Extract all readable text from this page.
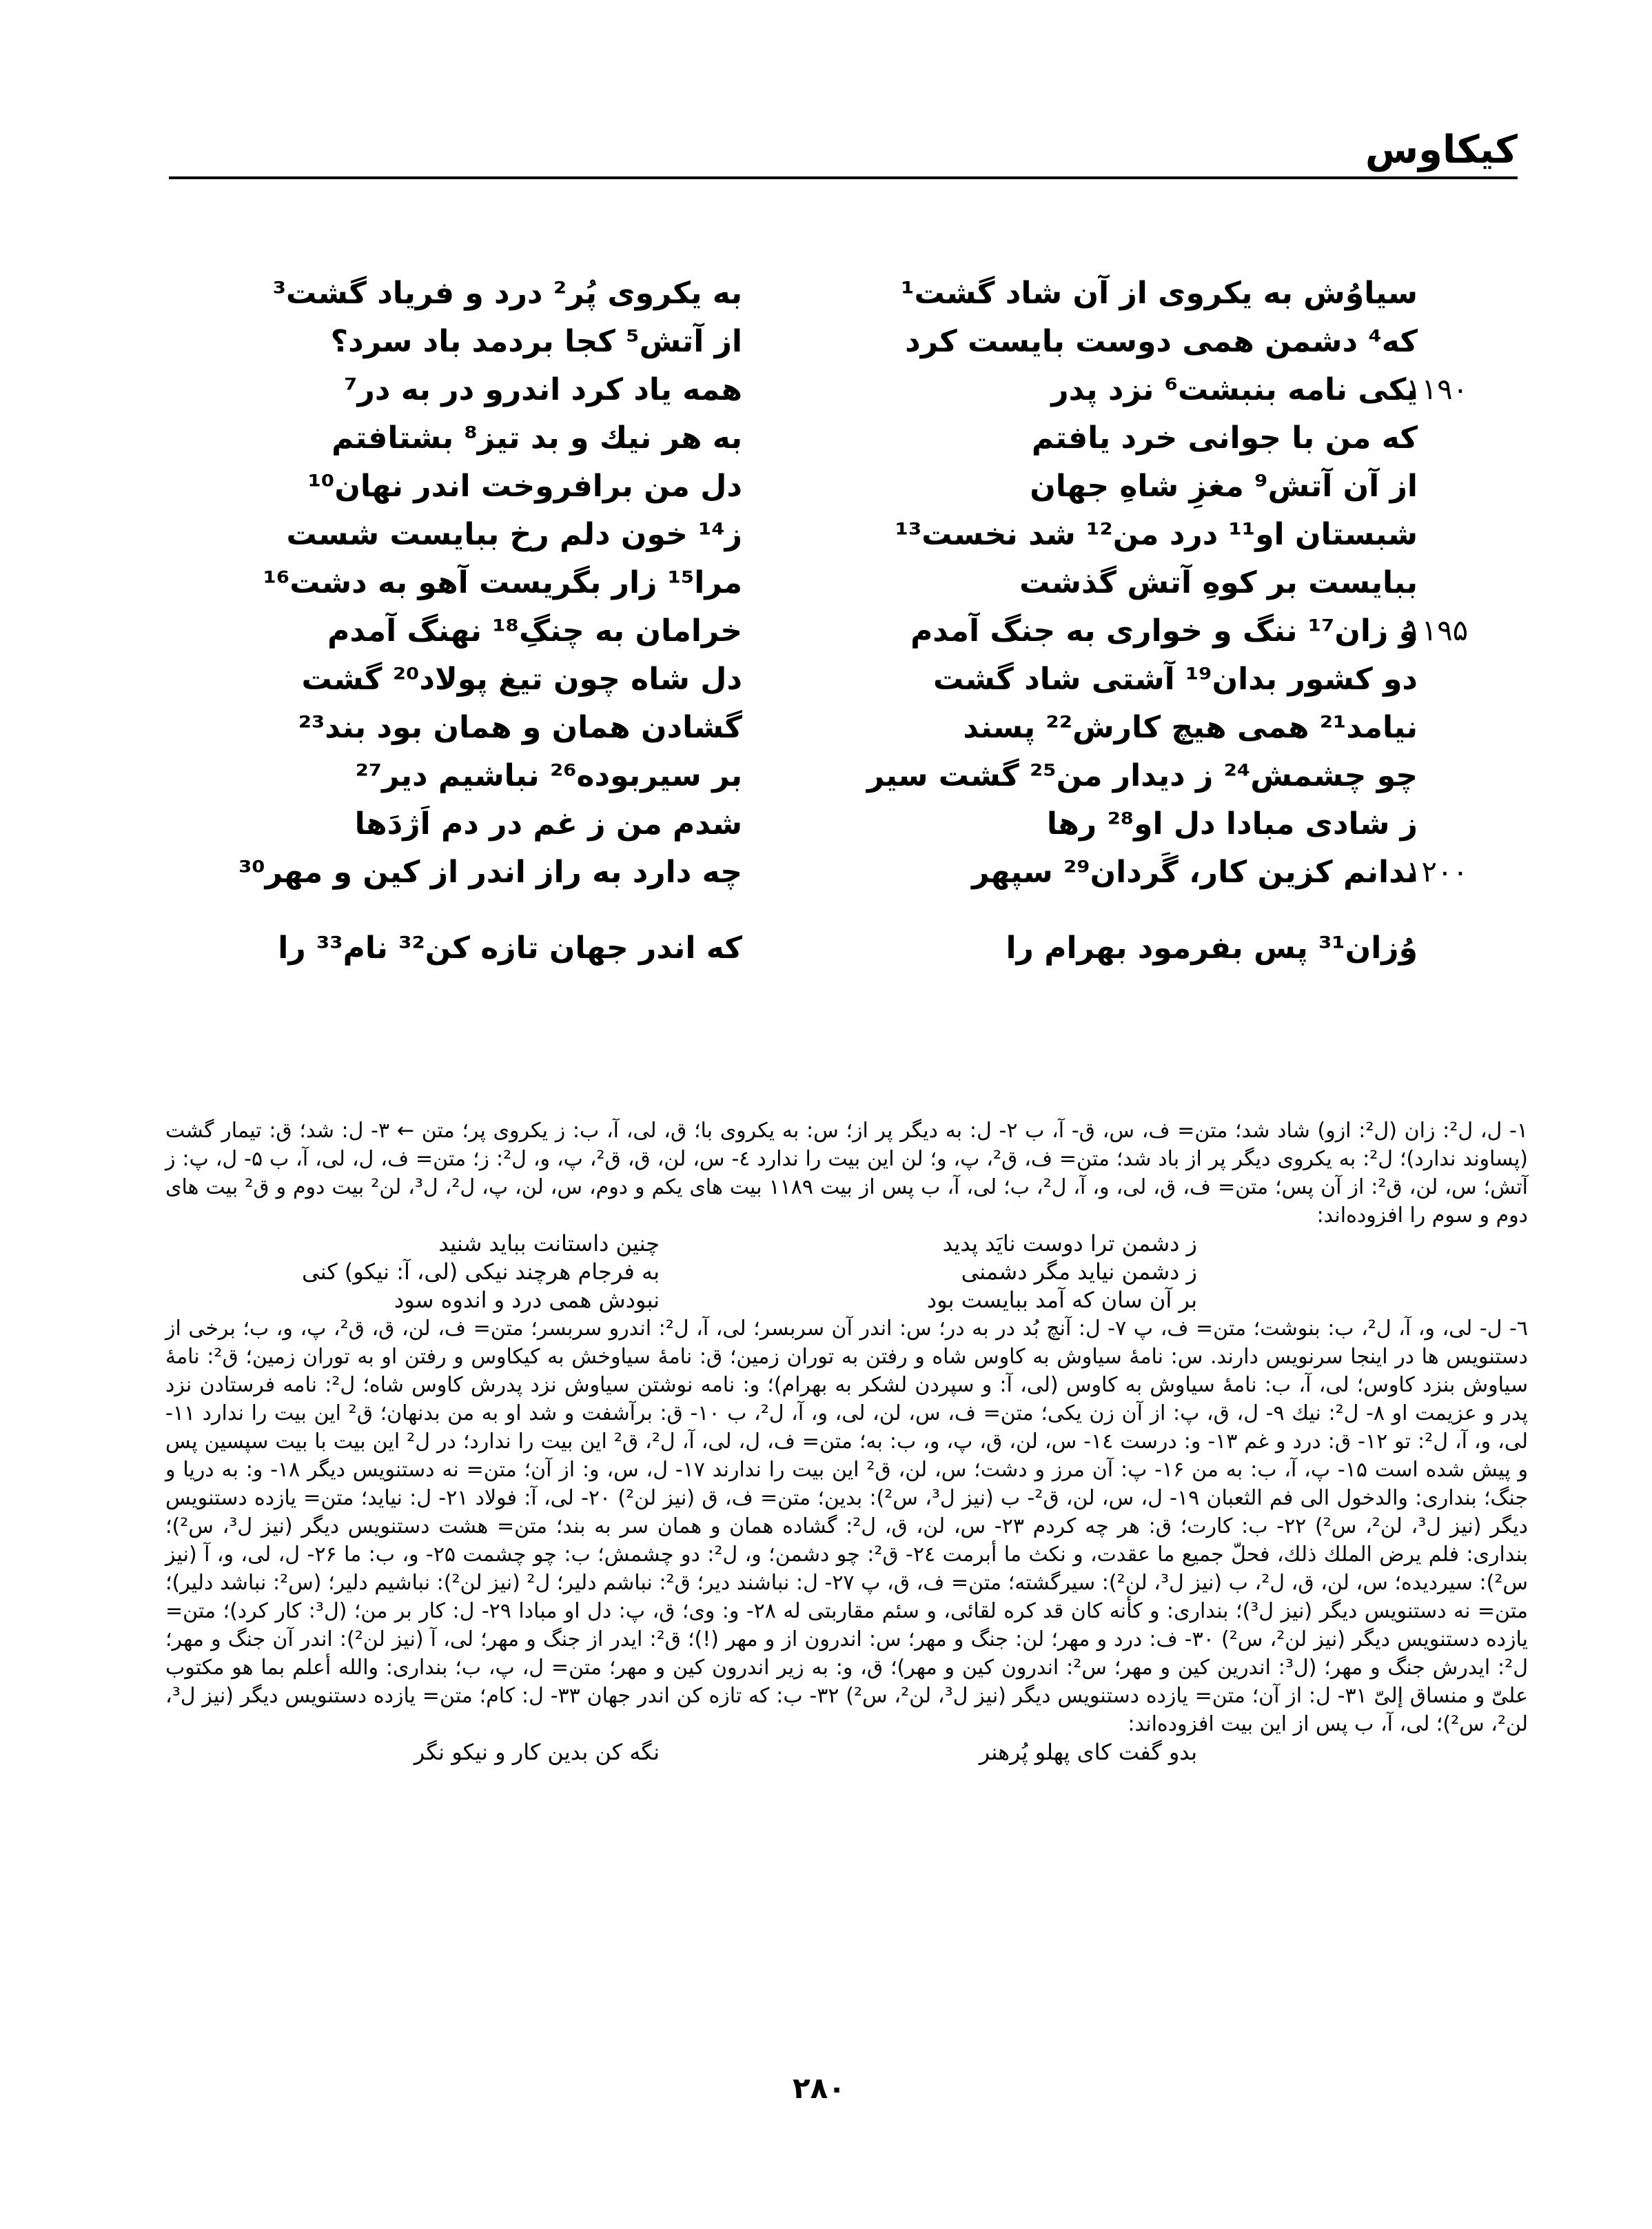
کیکاوس
سیاوُش به یکروی از آن شاد گشت¹
به یکروی پُر² درد و فریاد گشت³
که⁴ دشمن همی دوست بایست کرد
از آتش⁵ کجا بردمد باد سرد؟
۱۱۹۰
یکی نامه بنبشت⁶ نزد پدر
همه یاد کرد اندرو در به در⁷
که من با جوانی خرد یافتم
به هر نیك و بد تیز⁸ بشتافتم
از آن آتش⁹ مغزِ شاهِ جهان
دل من برافروخت اندر نهان¹⁰
شبستان او¹¹ درد من¹² شد نخست¹³
ز¹⁴ خون دلم رخ ببایست شست
ببایست بر کوهِ آتش گذشت
مرا¹⁵ زار بگریست آهو به دشت¹⁶
۱۱۹۵
وُ زان¹⁷ ننگ و خواری به جنگ آمدم
خرامان به چنگِ¹⁸ نهنگ آمدم
دو کشور بدان¹⁹ آشتی شاد گشت
دل شاه چون تیغ پولاد²⁰ گشت
نیامد²¹ همی هیچ کارش²² پسند
گشادن همان و همان بود بند²³
چو چشمش²⁴ ز دیدار من²⁵ گشت سیر
بر سیربوده²⁶ نباشیم دیر²⁷
ز شادی مبادا دل او²⁸ رها
شدم من ز غم در دم اَژدَها
۱۲۰۰
ندانم کزین کار، گَردان²⁹ سپهر
چه دارد به راز اندر از کین و مهر³⁰
وُزان³¹ پس بفرمود بهرام را
که اندر جهان تازه کن³² نام³³ را

۱- ل، ل²: زان (ل²: ازو) شاد شد؛ متن= ف، س، ق- آ، ب ۲- ل: به دیگر پر از؛ س: به یکروی با؛ ق، لی، آ، ب: ز یکروی پر؛ متن ← ۳- ل: شد؛ ق: تیمار گشت (پساوند ندارد)؛ ل²: به یکروی دیگر پر از باد شد؛ متن= ف، ق²، پ، و؛ لن این بیت را ندارد ٤- س، لن، ق، ق²، پ، و، ل²: ز؛ متن= ف، ل، لی، آ، ب ۵- ل، پ: ز آتش؛ س، لن، ق²: از آن پس؛ متن= ف، ق، لی، و، آ، ل²، ب؛ لی، آ، ب پس از بیت ۱۱۸۹ بیت های یکم و دوم، س، لن، پ، ل²، ل³، لن² بیت دوم و ق² بیت های دوم و سوم را افزوده‌اند:

ز دشمن ترا دوست نایَد پدید
چنین داستانت بباید شنید
ز دشمن نیاید مگر دشمنی
به فرجام هرچند نیکی (لی، آ: نیکو) کنی
بر آن سان که آمد ببایست بود
نبودش همی درد و اندوه سود

٦- ل- لی، و، آ، ل²، ب: بنوشت؛ متن= ف، پ ۷- ل: آنچ بُد در به در؛ س: اندر آن سربسر؛ لی، آ، ل²: اندرو سربسر؛ متن= ف، لن، ق، ق²، پ، و، ب؛ برخی از دستنویس ها در اینجا سرنویس دارند. س: نامهٔ سیاوش به کاوس شاه و رفتن به توران زمین؛ ق: نامهٔ سیاوخش به کیکاوس و رفتن او به توران زمین؛ ق²: نامهٔ سیاوش بنزد کاوس؛ لی، آ، ب: نامهٔ سیاوش به کاوس (لی، آ: و سپردن لشکر به بهرام)؛ و: نامه نوشتن سیاوش نزد پدرش کاوس شاه؛ ل²: نامه فرستادن نزد پدر و عزیمت او ۸- ل²: نیك ۹- ل، ق، پ: از آن زن یکی؛ متن= ف، س، لن، لی، و، آ، ل²، ب ۱۰- ق: برآشفت و شد او به من بدنهان؛ ق² این بیت را ندارد ۱۱- لی، و، آ، ل²: تو ۱۲- ق: درد و غم ۱۳- و: درست ١٤- س، لن، ق، پ، و، ب: به؛ متن= ف، ل، لی، آ، ل²، ق² این بیت را ندارد؛ در ل² این بیت با بیت سپسین پس و پیش شده است ۱۵- پ، آ، ب: به من ۱۶- پ: آن مرز و دشت؛ س، لن، ق² این بیت را ندارند ۱۷- ل، س، و: از آن؛ متن= نه دستنویس دیگر ۱۸- و: به دریا و جنگ؛ بنداری: والدخول الی فم الثعبان ۱۹- ل، س، لن، ق²- ب (نیز ل³، س²): بدین؛ متن= ف، ق (نیز لن²) ۲۰- لی، آ: فولاد ۲۱- ل: نیاید؛ متن= یازده دستنویس دیگر (نیز ل³، لن²، س²) ۲۲- ب: کارت؛ ق: هر چه کردم ۲۳- س، لن، ق، ل²: گشاده همان و همان سر به بند؛ متن= هشت دستنویس دیگر (نیز ل³، س²)؛ بنداری: فلم یرض الملك ذلك، فحلّ جمیع ما عقدت، و نکث ما أبرمت ٢٤- ق²: چو دشمن؛ و، ل²: دو چشمش؛ ب: چو چشمت ۲۵- و، ب: ما ۲۶- ل، لی، و، آ (نیز س²): سیردیده؛ س، لن، ق، ل²، ب (نیز ل³، لن²): سیرگشته؛ متن= ف، ق، پ ۲۷- ل: نباشند دیر؛ ق²: نباشم دلیر؛ ل² (نیز لن²): نباشیم دلیر؛ (س²: نباشد دلیر)؛ متن= نه دستنویس دیگر (نیز ل³)؛ بنداری: و کأنه کان قد کره لقائی، و سئم مقاربتی له ۲۸- و: وی؛ ق، پ: دل او مبادا ۲۹- ل: کار بر من؛ (ل³: کار کرد)؛ متن= یازده دستنویس دیگر (نیز لن²، س²) ۳۰- ف: درد و مهر؛ لن: جنگ و مهر؛ س: اندرون از و مهر (!)؛ ق²: ایدر از جنگ و مهر؛ لی، آ (نیز لن²): اندر آن جنگ و مهر؛ ل²: ایدرش جنگ و مهر؛ (ل³: اندرین کین و مهر؛ س²: اندرون کین و مهر)؛ ق، و: به زیر اندرون کین و مهر؛ متن= ل، پ، ب؛ بنداری: والله أعلم بما هو مکتوب علیّ و منساق إلیّ ۳۱- ل: از آن؛ متن= یازده دستنویس دیگر (نیز ل³، لن²، س²) ۳۲- ب: که تازه کن اندر جهان ۳۳- ل: کام؛ متن= یازده دستنویس دیگر (نیز ل³، لن²، س²)؛ لی، آ، ب پس از این بیت افزوده‌اند:

بدو گفت کای پهلو پُرهنر
نگه کن بدین کار و نیکو نگر
۲۸۰
